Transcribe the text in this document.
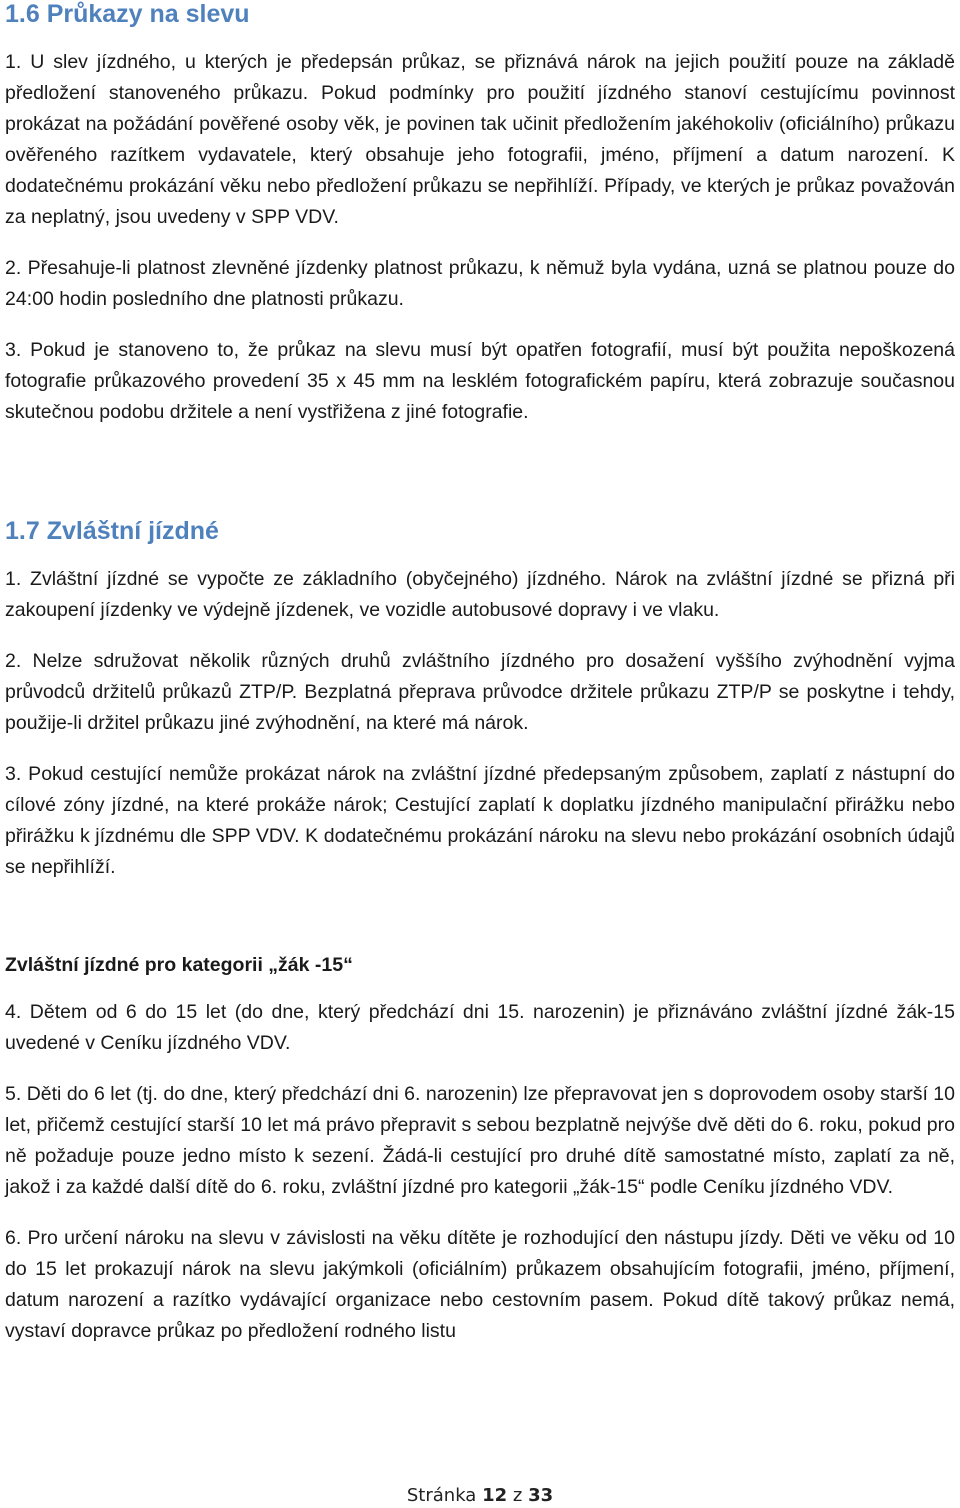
1.6 Průkazy na slevu

1. U slev jízdného, u kterých je předepsán průkaz, se přiznává nárok na jejich použití pouze na základě předložení stanoveného průkazu. Pokud podmínky pro použití jízdného stanoví cestujícímu povinnost prokázat na požádání pověřené osoby věk, je povinen tak učinit předložením jakéhokoliv (oficiálního) průkazu ověřeného razítkem vydavatele, který obsahuje jeho fotografii, jméno, příjmení a datum narození. K dodatečnému prokázání věku nebo předložení průkazu se nepřihlíží. Případy, ve kterých je průkaz považován za neplatný, jsou uvedeny v SPP VDV.

2. Přesahuje-li platnost zlevněné jízdenky platnost průkazu, k němuž byla vydána, uzná se platnou pouze do 24:00 hodin posledního dne platnosti průkazu.

3. Pokud je stanoveno to, že průkaz na slevu musí být opatřen fotografií, musí být použita nepoškozená fotografie průkazového provedení 35 x 45 mm na lesklém fotografickém papíru, která zobrazuje současnou skutečnou podobu držitele a není vystřižena z jiné fotografie.

1.7 Zvláštní jízdné

1. Zvláštní jízdné se vypočte ze základního (obyčejného) jízdného. Nárok na zvláštní jízdné se přizná při zakoupení jízdenky ve výdejně jízdenek, ve vozidle autobusové dopravy i ve vlaku.

2. Nelze sdružovat několik různých druhů zvláštního jízdného pro dosažení vyššího zvýhodnění vyjma průvodců držitelů průkazů ZTP/P. Bezplatná přeprava průvodce držitele průkazu ZTP/P se poskytne i tehdy, použije-li držitel průkazu jiné zvýhodnění, na které má nárok.

3. Pokud cestující nemůže prokázat nárok na zvláštní jízdné předepsaným způsobem, zaplatí z nástupní do cílové zóny jízdné, na které prokáže nárok; Cestující zaplatí k doplatku jízdného manipulační přirážku nebo přirážku k jízdnému dle SPP VDV. K dodatečnému prokázání nároku na slevu nebo prokázání osobních údajů se nepřihlíží.

Zvláštní jízdné pro kategorii „žák -15“

4. Dětem od 6 do 15 let (do dne, který předchází dni 15. narozenin) je přiznáváno zvláštní jízdné žák-15 uvedené v Ceníku jízdného VDV.

5. Děti do 6 let (tj. do dne, který předchází dni 6. narozenin) lze přepravovat jen s doprovodem osoby starší 10 let, přičemž cestující starší 10 let má právo přepravit s sebou bezplatně nejvýše dvě děti do 6. roku, pokud pro ně požaduje pouze jedno místo k sezení. Žádá-li cestující pro druhé dítě samostatné místo, zaplatí za ně, jakož i za každé další dítě do 6. roku, zvláštní jízdné pro kategorii „žák-15“ podle Ceníku jízdného VDV.

6. Pro určení nároku na slevu v závislosti na věku dítěte je rozhodující den nástupu jízdy. Děti ve věku od 10 do 15 let prokazují nárok na slevu jakýmkoli (oficiálním) průkazem obsahujícím fotografii, jméno, příjmení, datum narození a razítko vydávající organizace nebo cestovním pasem. Pokud dítě takový průkaz nemá, vystaví dopravce průkaz po předložení rodného listu

Stránka 12 z 33
